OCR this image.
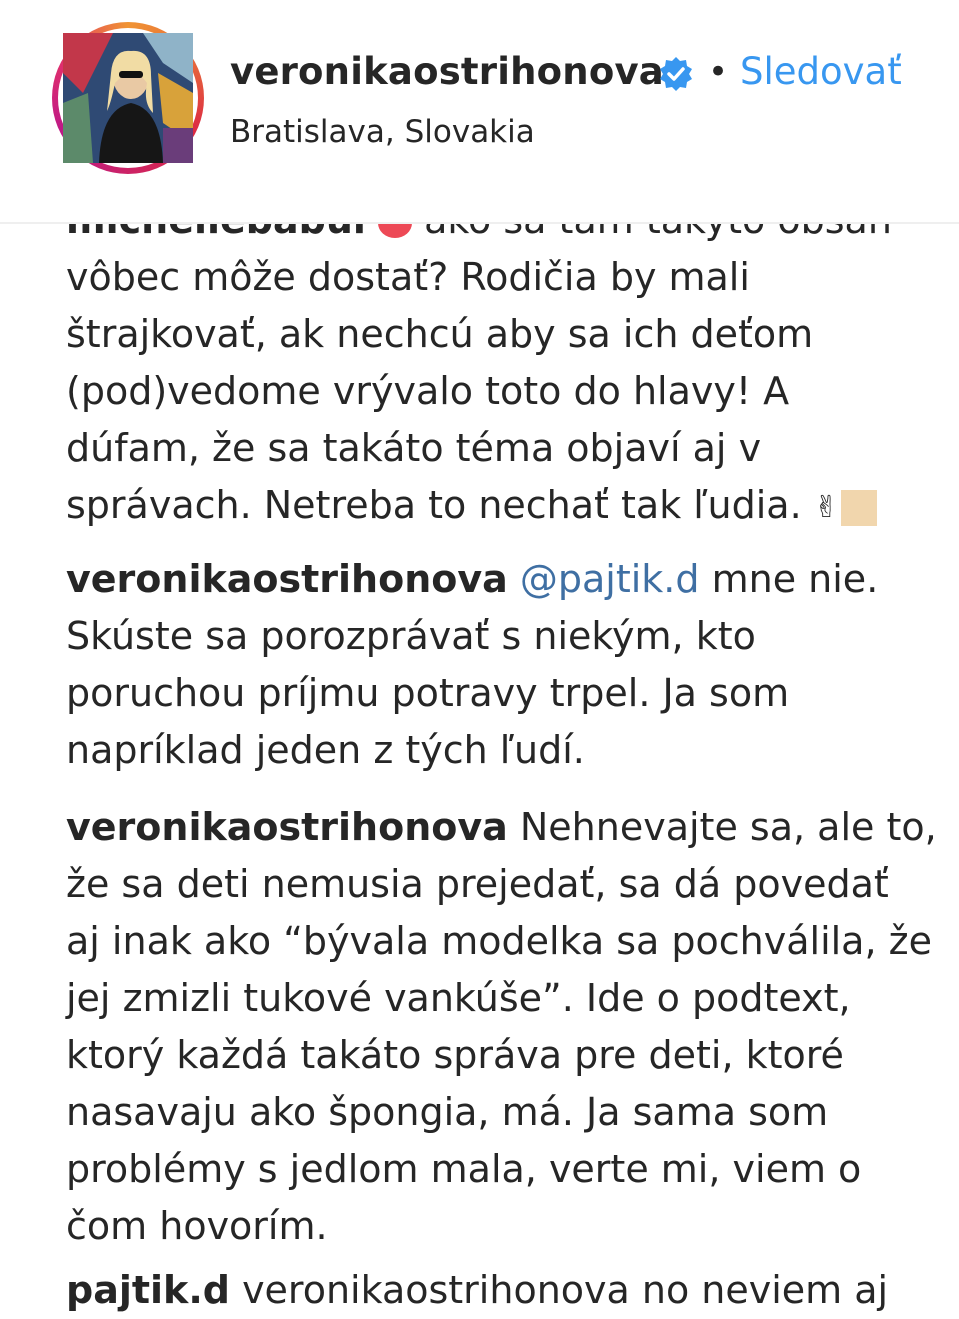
vôbec môže dostať? Rodičia by mali
štrajkovať, ak nechcú aby sa ich deťom
(pod)vedome vrývalo toto do hlavy! A
dúfam, že sa takáto téma objaví aj v
správach. Netreba to nechať tak ľudia. ✌
veronikaostrihonova @pajtik.d mne nie.
Skúste sa porozprávať s niekým, kto
poruchou príjmu potravy trpel. Ja som
napríklad jeden z tých ľudí.
veronikaostrihonova Nehnevajte sa, ale to,
že sa deti nemusia prejedať, sa dá povedať
aj inak ako “bývala modelka sa pochválila, že
jej zmizli tukové vankúše”. Ide o podtext,
ktorý každá takáto správa pre deti, ktoré
nasavaju ako špongia, má. Ja sama som
problémy s jedlom mala, verte mi, viem o
čom hovorím.
pajtik.d veronikaostrihonova no neviem aj
veronikaostrihonova • Sledovať
Bratislava, Slovakia
